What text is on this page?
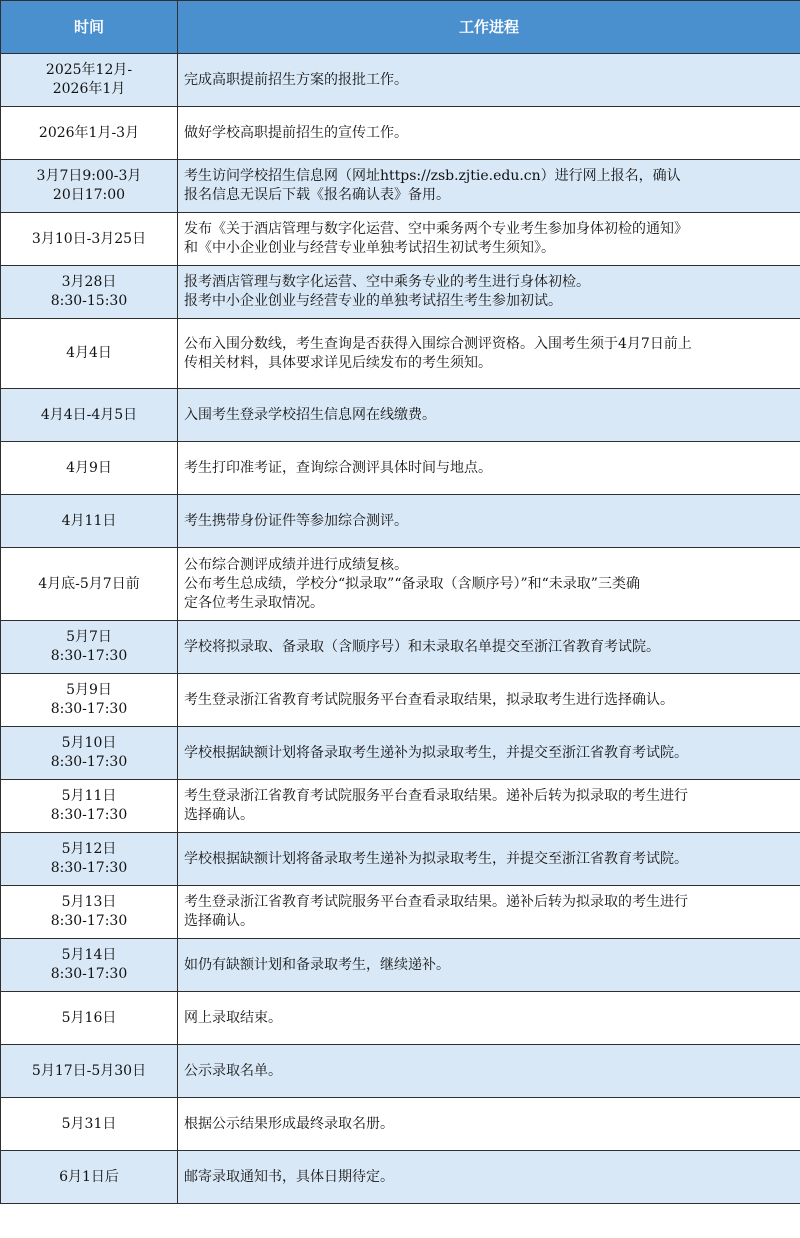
时间	工作进程
2025年12月-
2026年1月	完成高职提前招生方案的报批工作。
2026年1月-3月	做好学校高职提前招生的宣传工作。
3月7日9:00-3月
20日17:00	考生访问学校招生信息网（网址https://zsb.zjtie.edu.cn）进行网上报名，确认
报名信息无误后下载《报名确认表》备用。
3月10日-3月25日	发布《关于酒店管理与数字化运营、空中乘务两个专业考生参加身体初检的通知》
和《中小企业创业与经营专业单独考试招生初试考生须知》。
3月28日
8:30-15:30	报考酒店管理与数字化运营、空中乘务专业的考生进行身体初检。
报考中小企业创业与经营专业的单独考试招生考生参加初试。
4月4日	公布入围分数线，考生查询是否获得入围综合测评资格。入围考生须于4月7日前上
传相关材料，具体要求详见后续发布的考生须知。
4月4日-4月5日	入围考生登录学校招生信息网在线缴费。
4月9日	考生打印准考证，查询综合测评具体时间与地点。
4月11日	考生携带身份证件等参加综合测评。
4月底-5月7日前	公布综合测评成绩并进行成绩复核。
公布考生总成绩，学校分“拟录取”“备录取（含顺序号）”和“未录取”三类确
定各位考生录取情况。
5月7日
8:30-17:30	学校将拟录取、备录取（含顺序号）和未录取名单提交至浙江省教育考试院。
5月9日
8:30-17:30	考生登录浙江省教育考试院服务平台查看录取结果，拟录取考生进行选择确认。
5月10日
8:30-17:30	学校根据缺额计划将备录取考生递补为拟录取考生，并提交至浙江省教育考试院。
5月11日
8:30-17:30	考生登录浙江省教育考试院服务平台查看录取结果。递补后转为拟录取的考生进行
选择确认。
5月12日
8:30-17:30	学校根据缺额计划将备录取考生递补为拟录取考生，并提交至浙江省教育考试院。
5月13日
8:30-17:30	考生登录浙江省教育考试院服务平台查看录取结果。递补后转为拟录取的考生进行
选择确认。
5月14日
8:30-17:30	如仍有缺额计划和备录取考生，继续递补。
5月16日	网上录取结束。
5月17日-5月30日	公示录取名单。
5月31日	根据公示结果形成最终录取名册。
6月1日后	邮寄录取通知书，具体日期待定。
